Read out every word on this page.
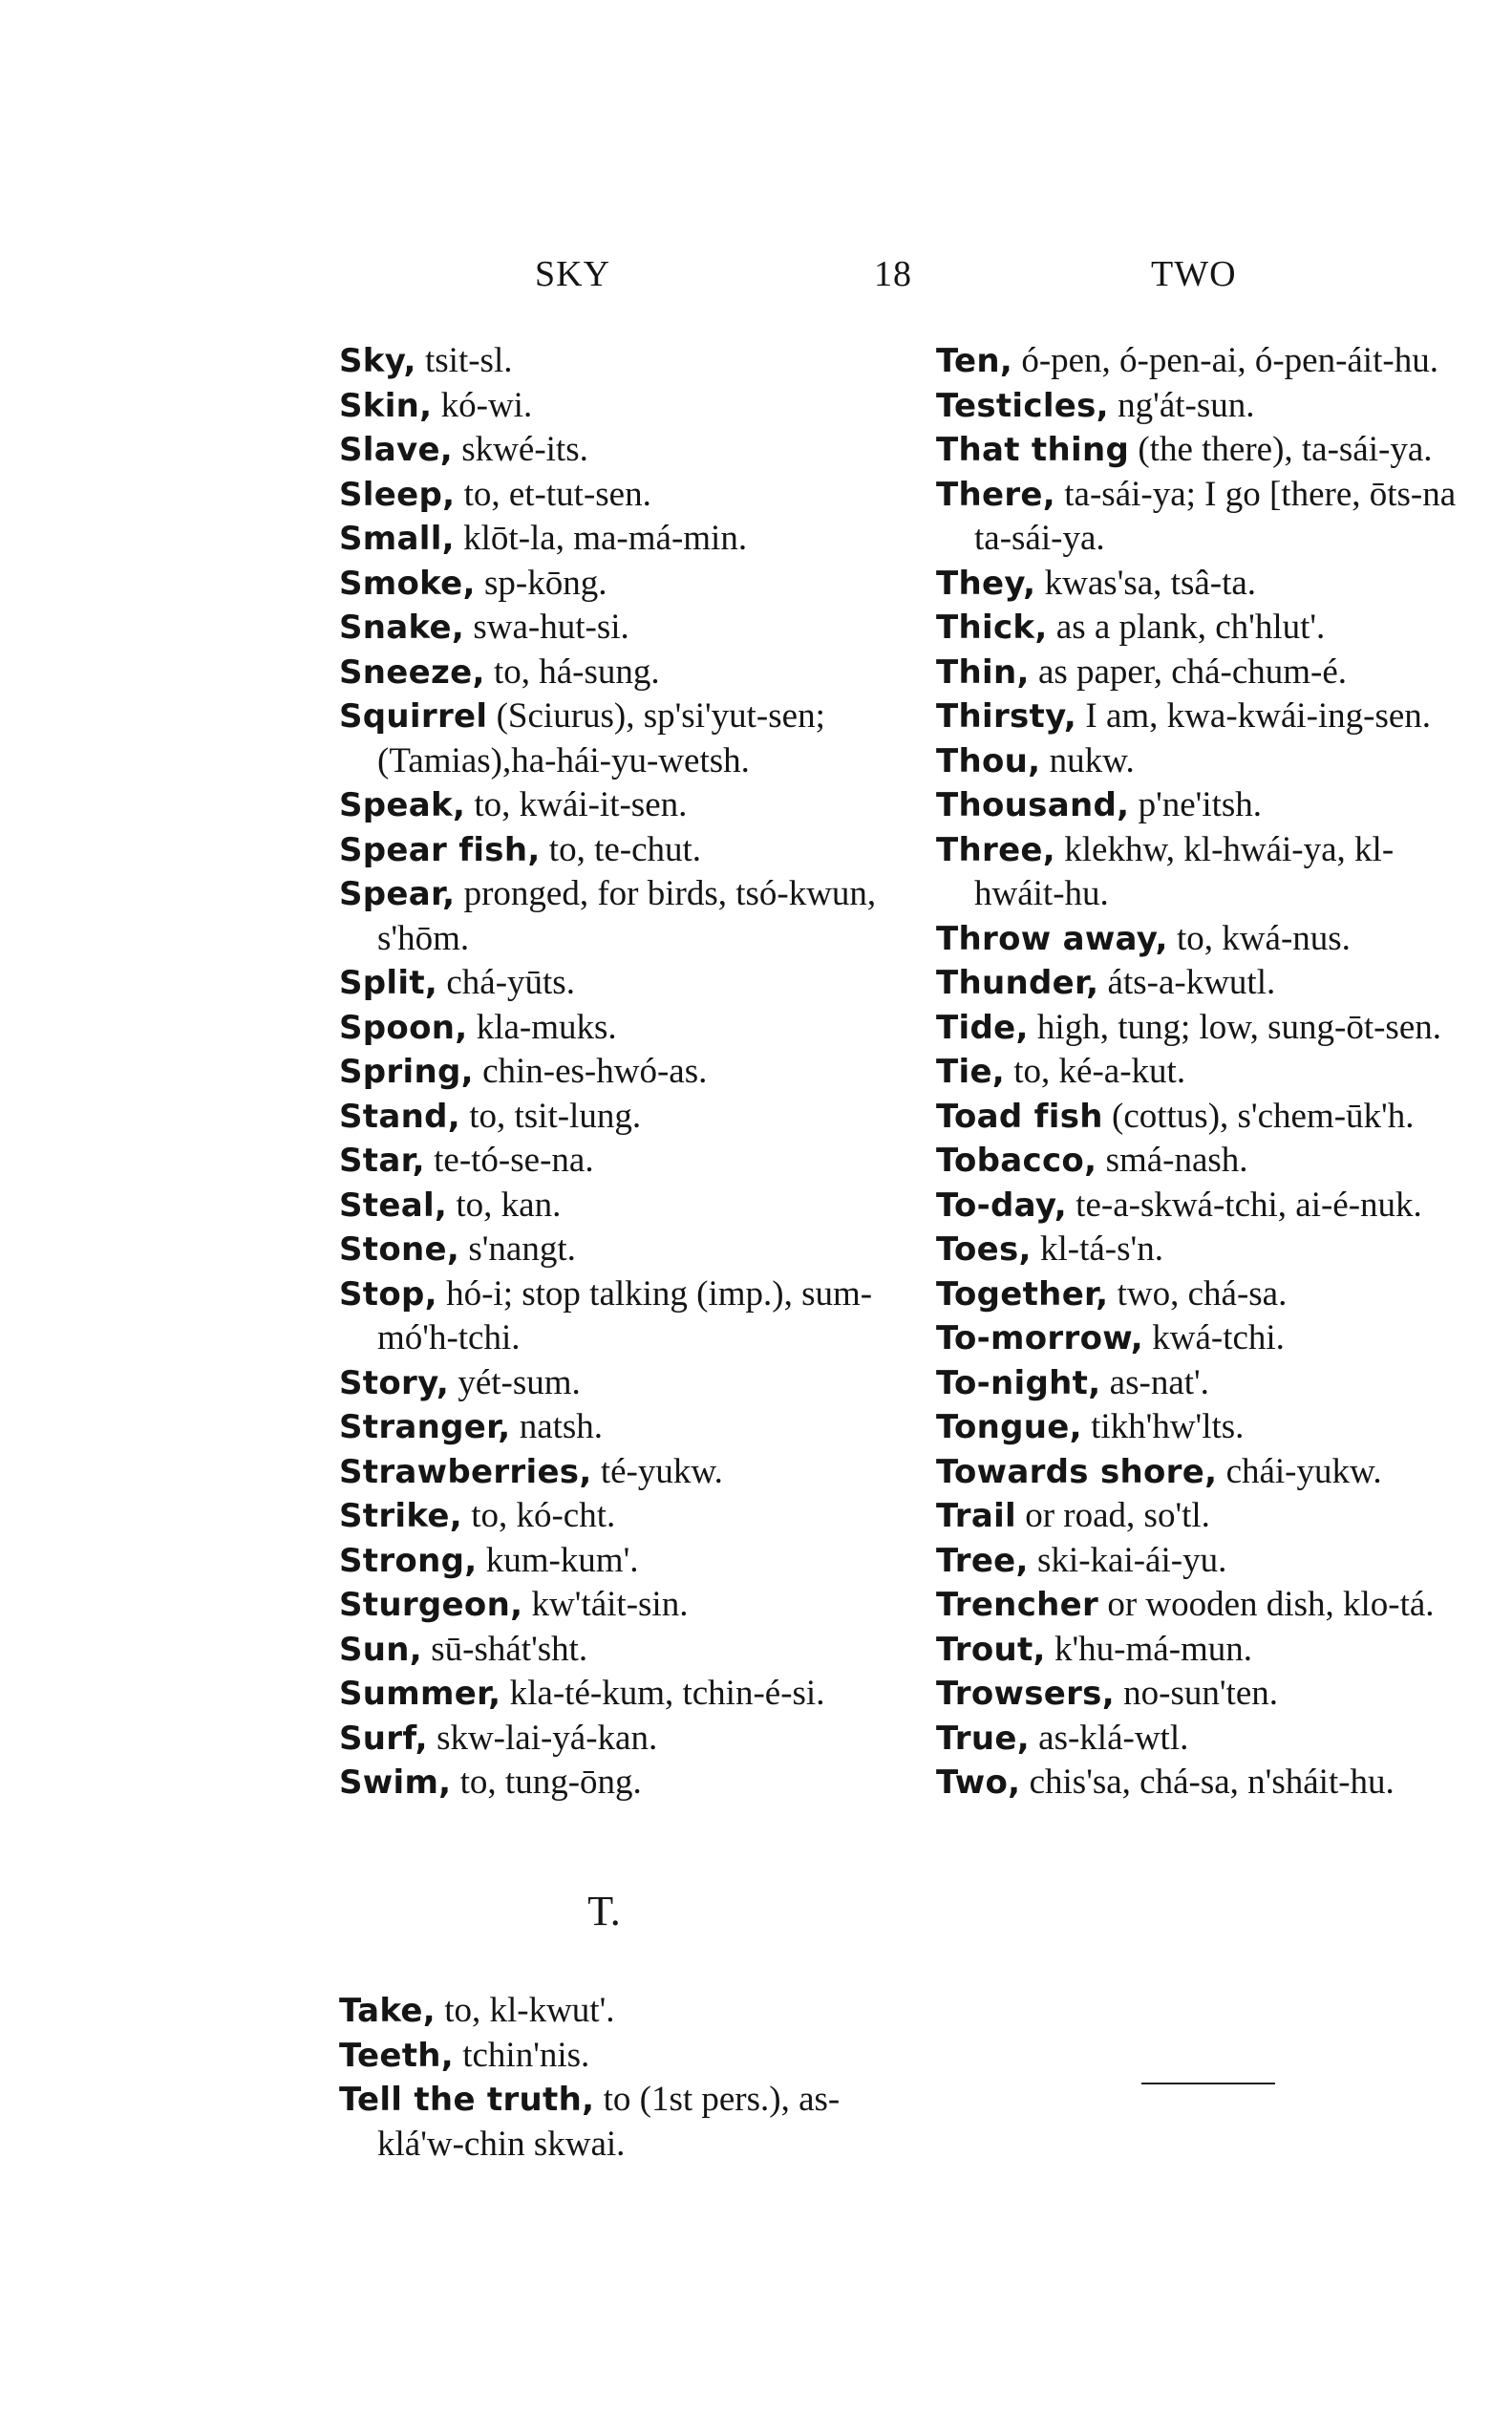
SKY	18	TWO
Sky, tsit-sl.
Skin, kó-wi.
Slave, skwé-its.
Sleep, to, et-tut-sen.
Small, klōt-la, ma-má-min.
Smoke, sp-kōng.
Snake, swa-hut-si.
Sneeze, to, há-sung.
Squirrel (Sciurus), sp'si'yut-sen; (Tamias),ha-hái-yu-wetsh.
Speak, to, kwái-it-sen.
Spear fish, to, te-chut.
Spear, pronged, for birds, tsó-kwun, s'hōm.
Split, chá-yūts.
Spoon, kla-muks.
Spring, chin-es-hwó-as.
Stand, to, tsit-lung.
Star, te-tó-se-na.
Steal, to, kan.
Stone, s'nangt.
Stop, hó-i; stop talking (imp.), sum-mó'h-tchi.
Story, yét-sum.
Stranger, natsh.
Strawberries, té-yukw.
Strike, to, kó-cht.
Strong, kum-kum'.
Sturgeon, kw'táit-sin.
Sun, sū-shát'sht.
Summer, kla-té-kum, tchin-é-si.
Surf, skw-lai-yá-kan.
Swim, to, tung-ōng.
T.
Take, to, kl-kwut'.
Teeth, tchin'nis.
Tell the truth, to (1st pers.), as-klá'w-chin skwai.
Ten, ó-pen, ó-pen-ai, ó-pen-áit-hu.
Testicles, ng'át-sun.
That thing (the there), ta-sái-ya.
There, ta-sái-ya; I go [there, ōts-na ta-sái-ya.
They, kwas'sa, tsâ-ta.
Thick, as a plank, ch'hlut'.
Thin, as paper, chá-chum-é.
Thirsty, I am, kwa-kwái-ing-sen.
Thou, nukw.
Thousand, p'ne'itsh.
Three, klekhw, kl-hwái-ya, kl-hwáit-hu.
Throw away, to, kwá-nus.
Thunder, áts-a-kwutl.
Tide, high, tung; low, sung-ōt-sen.
Tie, to, ké-a-kut.
Toad fish (cottus), s'chem-ūk'h.
Tobacco, smá-nash.
To-day, te-a-skwá-tchi, ai-é-nuk.
Toes, kl-tá-s'n.
Together, two, chá-sa.
To-morrow, kwá-tchi.
To-night, as-nat'.
Tongue, tikh'hw'lts.
Towards shore, chái-yukw.
Trail or road, so'tl.
Tree, ski-kai-ái-yu.
Trencher or wooden dish, klo-tá.
Trout, k'hu-má-mun.
Trowsers, no-sun'ten.
True, as-klá-wtl.
Two, chis'sa, chá-sa, n'sháit-hu.
